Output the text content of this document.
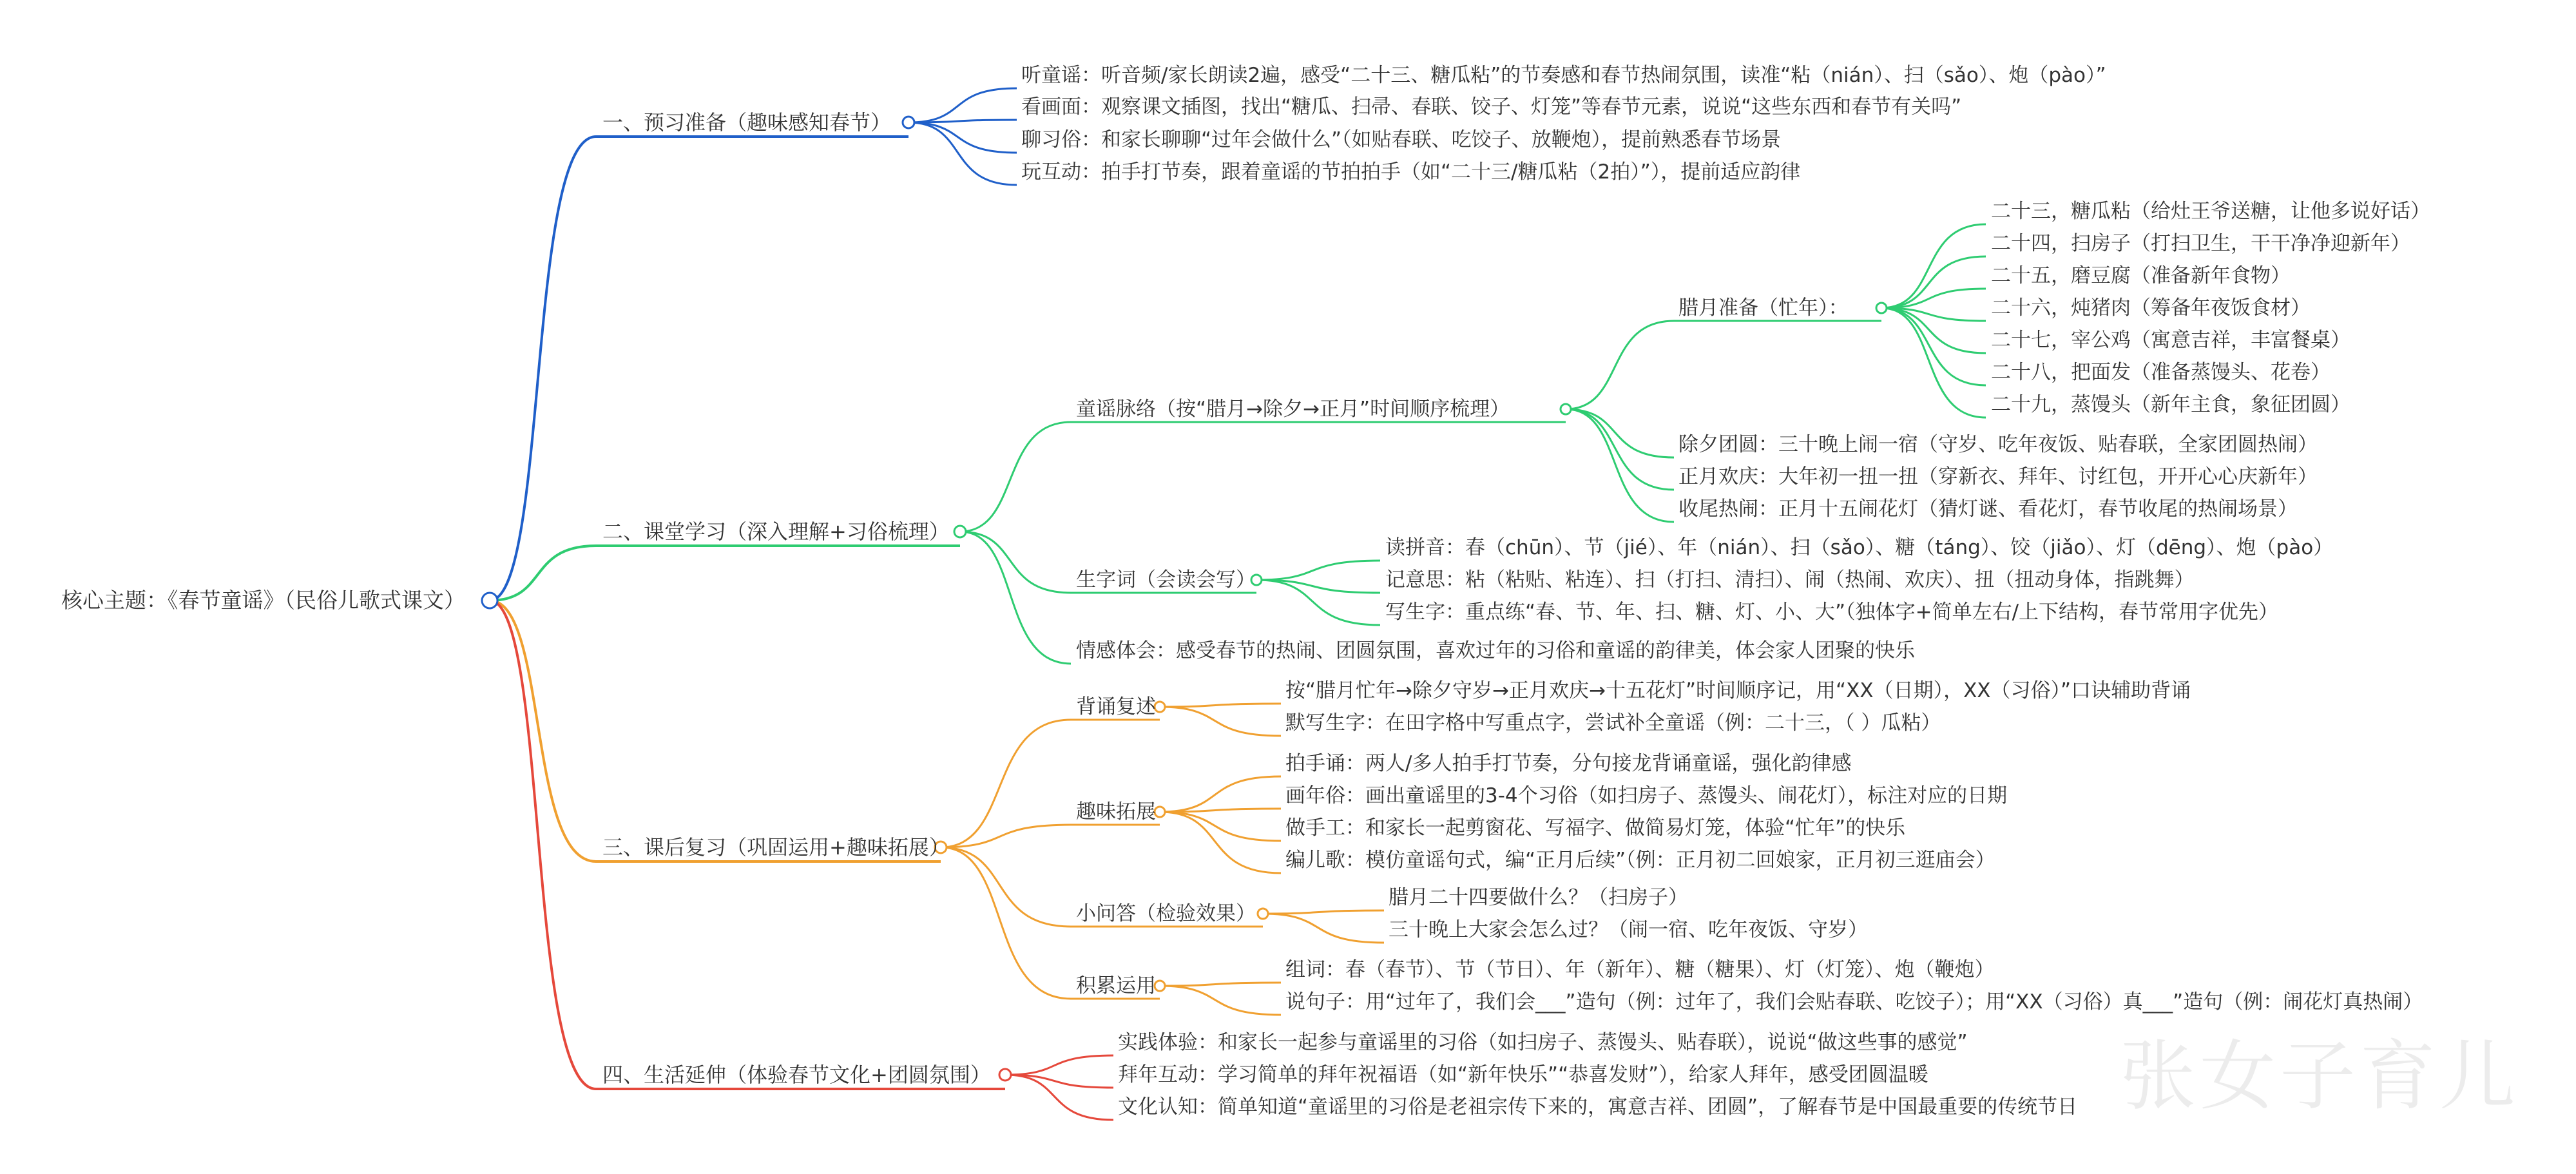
核心主题：《春节童谣》（民俗儿歌式课文）
一、预习准备（趣味感知春节）
听童谣：听音频/家长朗读2遍，感受“二十三、糖瓜粘”的节奏感和春节热闹氛围，读准“粘（nián）、扫（sǎo）、炮（pào）”
看画面：观察课文插图，找出“糖瓜、扫帚、春联、饺子、灯笼”等春节元素，说说“这些东西和春节有关吗”
聊习俗：和家长聊聊“过年会做什么”（如贴春联、吃饺子、放鞭炮），提前熟悉春节场景
玩互动：拍手打节奏，跟着童谣的节拍拍手（如“二十三/糖瓜粘（2拍）”），提前适应韵律
二、课堂学习（深入理解+习俗梳理）
童谣脉络（按“腊月→除夕→正月”时间顺序梳理）
腊月准备（忙年）：
二十三，糖瓜粘（给灶王爷送糖，让他多说好话）
二十四，扫房子（打扫卫生，干干净净迎新年）
二十五，磨豆腐（准备新年食物）
二十六，炖猪肉（筹备年夜饭食材）
二十七，宰公鸡（寓意吉祥，丰富餐桌）
二十八，把面发（准备蒸馒头、花卷）
二十九，蒸馒头（新年主食，象征团圆）
除夕团圆：三十晚上闹一宿（守岁、吃年夜饭、贴春联，全家团圆热闹）
正月欢庆：大年初一扭一扭（穿新衣、拜年、讨红包，开开心心庆新年）
收尾热闹：正月十五闹花灯（猜灯谜、看花灯，春节收尾的热闹场景）
生字词（会读会写）
读拼音：春（chūn）、节（jié）、年（nián）、扫（sǎo）、糖（táng）、饺（jiǎo）、灯（dēng）、炮（pào）
记意思：粘（粘贴、粘连）、扫（打扫、清扫）、闹（热闹、欢庆）、扭（扭动身体，指跳舞）
写生字：重点练“春、节、年、扫、糖、灯、小、大”（独体字+简单左右/上下结构，春节常用字优先）
情感体会：感受春节的热闹、团圆氛围，喜欢过年的习俗和童谣的韵律美，体会家人团聚的快乐
三、课后复习（巩固运用+趣味拓展）
背诵复述
按“腊月忙年→除夕守岁→正月欢庆→十五花灯”时间顺序记，用“XX（日期），XX（习俗）”口诀辅助背诵
默写生字：在田字格中写重点字，尝试补全童谣（例：二十三，（ ）瓜粘）
趣味拓展
拍手诵：两人/多人拍手打节奏，分句接龙背诵童谣，强化韵律感
画年俗：画出童谣里的3-4个习俗（如扫房子、蒸馒头、闹花灯），标注对应的日期
做手工：和家长一起剪窗花、写福字、做简易灯笼，体验“忙年”的快乐
编儿歌：模仿童谣句式，编“正月后续”（例：正月初二回娘家，正月初三逛庙会）
小问答（检验效果）
腊月二十四要做什么？（扫房子）
三十晚上大家会怎么过？（闹一宿、吃年夜饭、守岁）
积累运用
组词：春（春节）、节（节日）、年（新年）、糖（糖果）、灯（灯笼）、炮（鞭炮）
说句子：用“过年了，我们会___”造句（例：过年了，我们会贴春联、吃饺子）；用“XX（习俗）真___”造句（例：闹花灯真热闹）
四、生活延伸（体验春节文化+团圆氛围）
实践体验：和家长一起参与童谣里的习俗（如扫房子、蒸馒头、贴春联），说说“做这些事的感觉”
拜年互动：学习简单的拜年祝福语（如“新年快乐”“恭喜发财”），给家人拜年，感受团圆温暖
文化认知：简单知道“童谣里的习俗是老祖宗传下来的，寓意吉祥、团圆”，了解春节是中国最重要的传统节日 张女子育儿
